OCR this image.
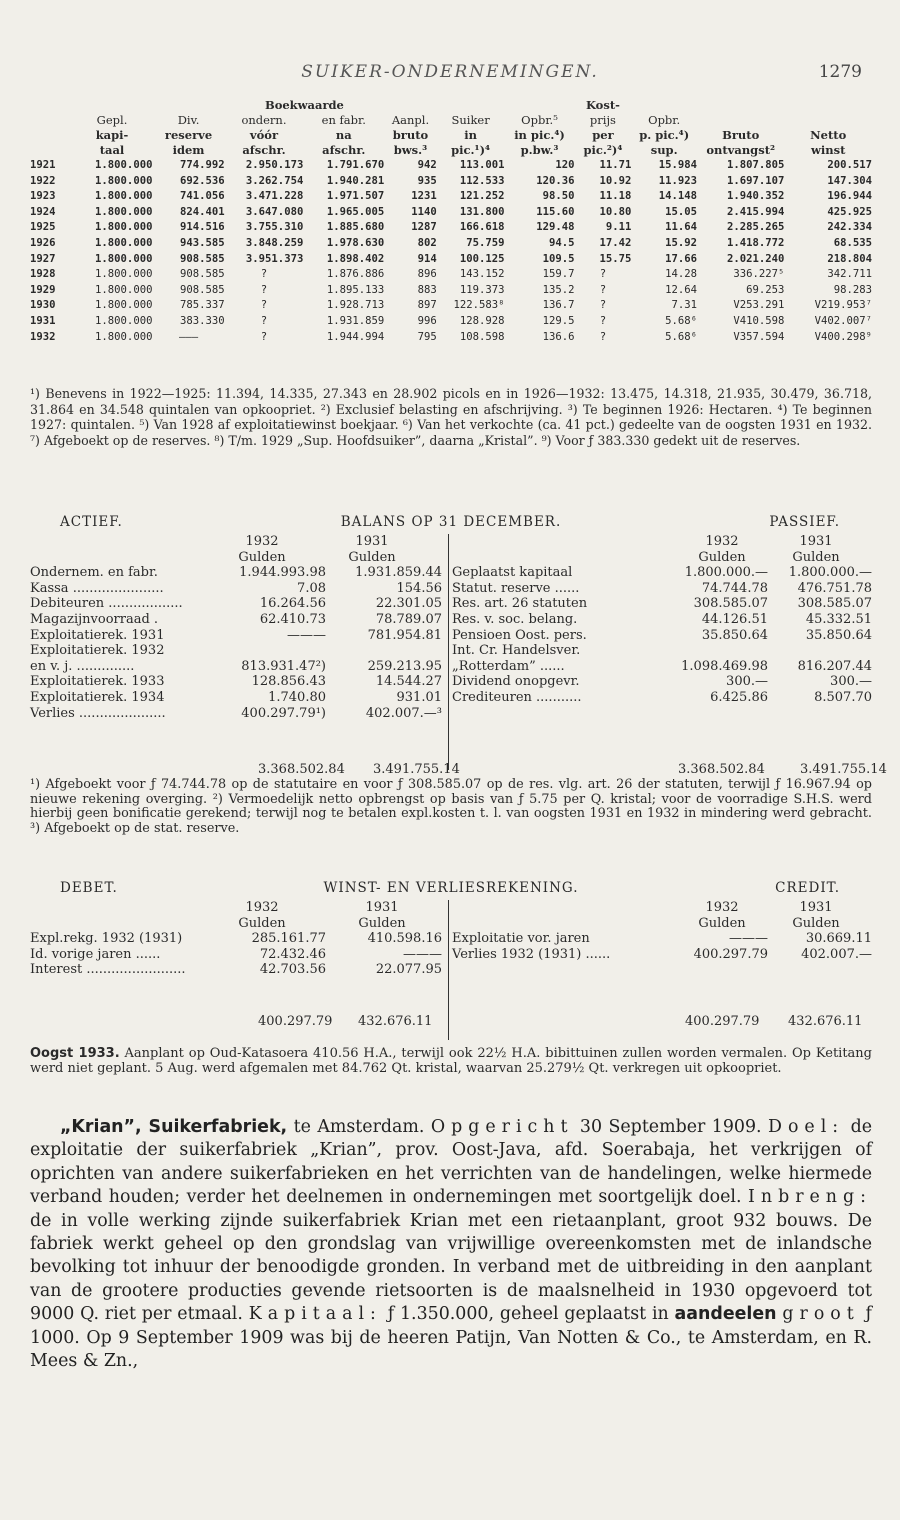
SUIKER-ONDERNEMINGEN.	1279
			Boekwaarde					Kost-			
	Gepl.	Div.	ondern.	en fabr.	Aanpl.	Suiker	Opbr.⁵	prijs	Opbr.		
	kapi-	reserve	vóór	na	bruto	in	in pic.⁴)	per	p. pic.⁴)	Bruto	Netto
	taal	idem	afschr.	afschr.	bws.³	pic.¹)⁴	p.bw.³	pic.²)⁴	sup.	ontvangst²	winst
1921	1.800.000	774.992	2.950.173	1.791.670	942	113.001	120	11.71	15.984	1.807.805	200.517
1922	1.800.000	692.536	3.262.754	1.940.281	935	112.533	120.36	10.92	11.923	1.697.107	147.304
1923	1.800.000	741.056	3.471.228	1.971.507	1231	121.252	98.50	11.18	14.148	1.940.352	196.944
1924	1.800.000	824.401	3.647.080	1.965.005	1140	131.800	115.60	10.80	15.05	2.415.994	425.925
1925	1.800.000	914.516	3.755.310	1.885.680	1287	166.618	129.48	9.11	11.64	2.285.265	242.334
1926	1.800.000	943.585	3.848.259	1.978.630	802	75.759	94.5	17.42	15.92	1.418.772	68.535
1927	1.800.000	908.585	3.951.373	1.898.402	914	100.125	109.5	15.75	17.66	2.021.240	218.804
1928	1.800.000	908.585	?	1.876.886	896	143.152	159.7	?	14.28	336.227⁵	342.711
1929	1.800.000	908.585	?	1.895.133	883	119.373	135.2	?	12.64	69.253	98.283
1930	1.800.000	785.337	?	1.928.713	897	122.583⁸	136.7	?	7.31	V253.291	V219.953⁷
1931	1.800.000	383.330	?	1.931.859	996	128.928	129.5	?	5.68⁶	V410.598	V402.007⁷
1932	1.800.000	———	?	1.944.994	795	108.598	136.6	?	5.68⁶	V357.594	V400.298⁹

¹) Benevens in 1922—1925: 11.394, 14.335, 27.343 en 28.902 picols en in 1926—1932: 13.475, 14.318, 21.935, 30.479, 36.718, 31.864 en 34.548 quintalen van opkoopriet. ²) Exclusief belasting en afschrijving. ³) Te beginnen 1926: Hectaren. ⁴) Te beginnen 1927: quintalen. ⁵) Van 1928 af exploitatiewinst boekjaar. ⁶) Van het verkochte (ca. 41 pct.) gedeelte van de oogsten 1931 en 1932. ⁷) Afgeboekt op de reserves. ⁸) T/m. 1929 „Sup. Hoofdsuiker”, daarna „Kristal”. ⁹) Voor ƒ 383.330 gedekt uit de reserves.

ACTIEF.	BALANS OP 31 DECEMBER.	PASSIEF.
1932	1931
Gulden	Gulden
Ondernem. en fabr.	1.944.993.98 1.931.859.44
Kassa ......................	7.08	154.56
Debiteuren ..................	16.264.56	22.301.05
Magazijnvoorraad .	62.410.73	78.789.07
Exploitatierek. 1931	———	781.954.81
Exploitatierek. 1932
en v. j. ..............	813.931.47²)	259.213.95
Exploitatierek. 1933	128.856.43	14.544.27
Exploitatierek. 1934	1.740.80	931.01
Verlies .....................	400.297.79¹)	402.007.—³
1932	1931
Gulden	Gulden
Geplaatst kapitaal	1.800.000.— 1.800.000.—
Statut. reserve ......	74.744.78 476.751.78
Res. art. 26 statuten	308.585.07 308.585.07
Res. v. soc. belang.	44.126.51	45.332.51
Pensioen Oost. pers.	35.850.64	35.850.64
Int. Cr. Handelsver.
„Rotterdam” ......	1.098.469.98 816.207.44
Dividend onopgevr.	300.—	300.—
Crediteuren ...........	6.425.86	8.507.70
3.368.502.84 3.491.755.14	3.368.502.84	3.491.755.14

¹) Afgeboekt voor ƒ 74.744.78 op de statutaire en voor ƒ 308.585.07 op de res. vlg. art. 26 der statuten, terwijl ƒ 16.967.94 op nieuwe rekening overging. ²) Vermoedelijk netto opbrengst op basis van ƒ 5.75 per Q. kristal; voor de voorradige S.H.S. werd hierbij geen bonificatie gerekend; terwijl nog te betalen expl.kosten t. l. van oogsten 1931 en 1932 in mindering werd gebracht. ³) Afgeboekt op de stat. reserve.

DEBET.	WINST- EN VERLIESREKENING.	CREDIT.
1932	1931
Gulden	Gulden
Expl.rekg. 1932 (1931)	285.161.77	410.598.16
Id. vorige jaren ......	72.432.46	———
Interest ........................	42.703.56	22.077.95
1932	1931
Gulden	Gulden
Exploitatie vor. jaren	———	30.669.11
Verlies 1932 (1931) ......	400.297.79	402.007.—
400.297.79 432.676.11	400.297.79 432.676.11

Oogst 1933. Aanplant op Oud-Katasoera 410.56 H.A., terwijl ook 22½ H.A. bibittuinen zullen worden vermalen. Op Ketitang werd niet geplant. 5 Aug. werd afgemalen met 84.762 Qt. kristal, waarvan 25.279½ Qt. verkregen uit opkoopriet.

„Krian”, Suikerfabriek, te Amsterdam. Opgericht 30 September 1909. Doel: de exploitatie der suikerfabriek „Krian”, prov. Oost-Java, afd. Soerabaja, het verkrijgen of oprichten van andere suikerfabrieken en het verrichten van de handelingen, welke hiermede verband houden; verder het deelnemen in ondernemingen met soortgelijk doel. Inbreng: de in volle werking zijnde suikerfabriek Krian met een rietaanplant, groot 932 bouws. De fabriek werkt geheel op den grondslag van vrijwillige overeenkomsten met de inlandsche bevolking tot inhuur der benoodigde gronden. In verband met de uitbreiding in den aanplant van de grootere producties gevende rietsoorten is de maalsnelheid in 1930 opgevoerd tot 9000 Q. riet per etmaal. Kapitaal: ƒ 1.350.000, geheel geplaatst in aandeelen groot ƒ 1000. Op 9 September 1909 was bij de heeren Patijn, Van Notten & Co., te Amsterdam, en R. Mees & Zn.,
